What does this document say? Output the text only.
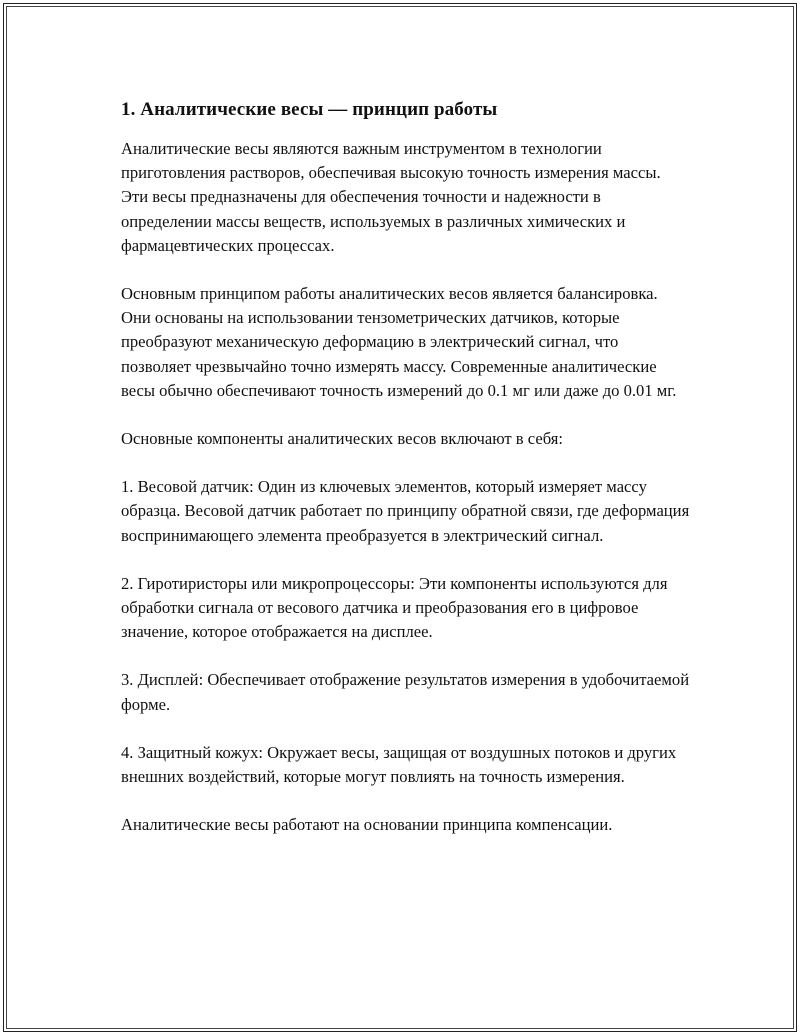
1. Аналитические весы — принцип работы

Аналитические весы являются важным инструментом в технологии приготовления растворов, обеспечивая высокую точность измерения массы. Эти весы предназначены для обеспечения точности и надежности в определении массы веществ, используемых в различных химических и фармацевтических процессах.

Основным принципом работы аналитических весов является балансировка. Они основаны на использовании тензометрических датчиков, которые преобразуют механическую деформацию в электрический сигнал, что позволяет чрезвычайно точно измерять массу. Современные аналитические весы обычно обеспечивают точность измерений до 0.1 мг или даже до 0.01 мг.

Основные компоненты аналитических весов включают в себя:

1. Весовой датчик: Один из ключевых элементов, который измеряет массу образца. Весовой датчик работает по принципу обратной связи, где деформация воспринимающего элемента преобразуется в электрический сигнал.

2. Гиротиристоры или микропроцессоры: Эти компоненты используются для обработки сигнала от весового датчика и преобразования его в цифровое значение, которое отображается на дисплее.

3. Дисплей: Обеспечивает отображение результатов измерения в удобочитаемой форме.

4. Защитный кожух: Окружает весы, защищая от воздушных потоков и других внешних воздействий, которые могут повлиять на точность измерения.

Аналитические весы работают на основании принципа компенсации.
